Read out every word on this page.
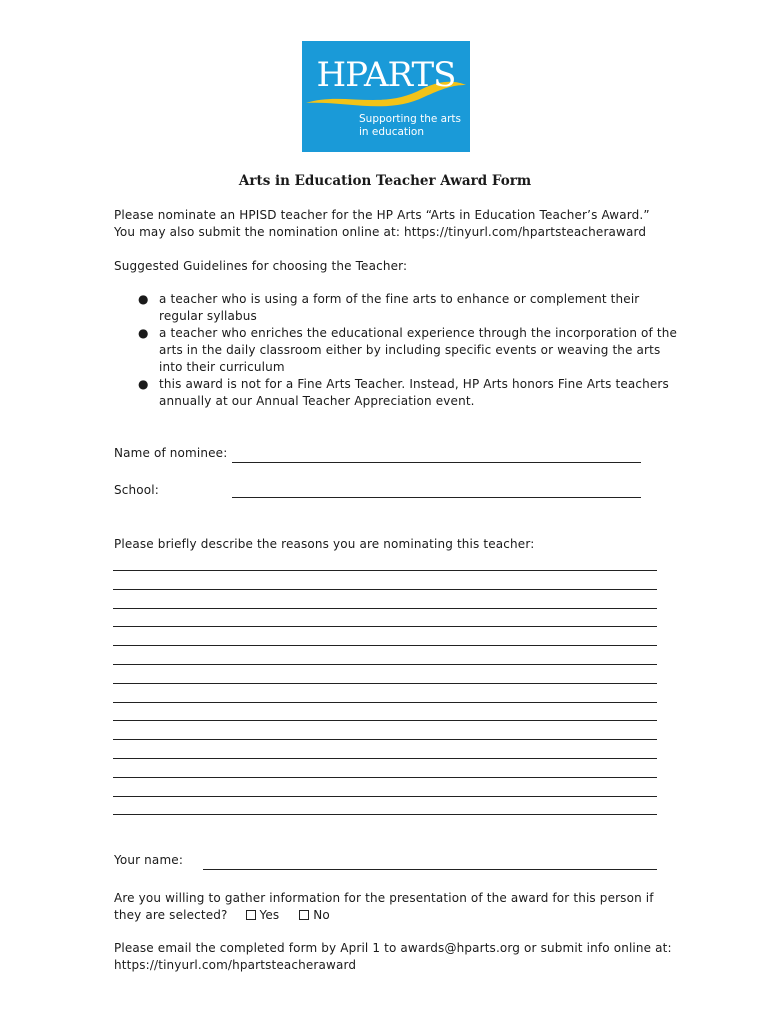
HPARTS
Supporting the arts
in education
Arts in Education Teacher Award Form
Please nominate an HPISD teacher for the HP Arts “Arts in Education Teacher’s Award.”
You may also submit the nomination online at: https://tinyurl.com/hpartsteacheraward
Suggested Guidelines for choosing the Teacher:
● a teacher who is using a form of the fine arts to enhance or complement their
regular syllabus
● a teacher who enriches the educational experience through the incorporation of the
arts in the daily classroom either by including specific events or weaving the arts
into their curriculum
● this award is not for a Fine Arts Teacher. Instead, HP Arts honors Fine Arts teachers
annually at our Annual Teacher Appreciation event.
Name of nominee:
School:
Please briefly describe the reasons you are nominating this teacher:
Your name:
Are you willing to gather information for the presentation of the award for this person if
they are selected?	Yes	No
Please email the completed form by April 1 to awards@hparts.org or submit info online at:
https://tinyurl.com/hpartsteacheraward
